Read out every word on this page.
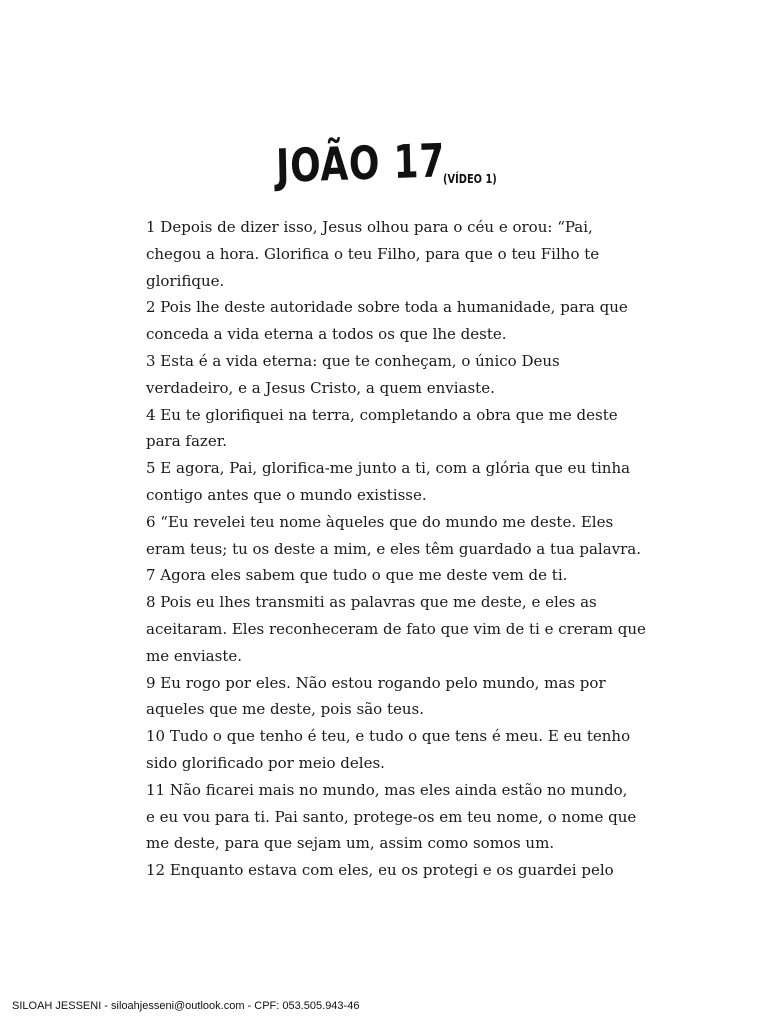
JOÃO 17
(VÍDEO 1)
1 Depois de dizer isso, Jesus olhou para o céu e orou: “Pai,
chegou a hora. Glorifica o teu Filho, para que o teu Filho te
glorifique.
2 Pois lhe deste autoridade sobre toda a humanidade, para que
conceda a vida eterna a todos os que lhe deste.
3 Esta é a vida eterna: que te conheçam, o único Deus
verdadeiro, e a Jesus Cristo, a quem enviaste.
4 Eu te glorifiquei na terra, completando a obra que me deste
para fazer.
5 E agora, Pai, glorifica-me junto a ti, com a glória que eu tinha
contigo antes que o mundo existisse.
6 “Eu revelei teu nome àqueles que do mundo me deste. Eles
eram teus; tu os deste a mim, e eles têm guardado a tua palavra.
7 Agora eles sabem que tudo o que me deste vem de ti.
8 Pois eu lhes transmiti as palavras que me deste, e eles as
aceitaram. Eles reconheceram de fato que vim de ti e creram que
me enviaste.
9 Eu rogo por eles. Não estou rogando pelo mundo, mas por
aqueles que me deste, pois são teus.
10 Tudo o que tenho é teu, e tudo o que tens é meu. E eu tenho
sido glorificado por meio deles.
11 Não ficarei mais no mundo, mas eles ainda estão no mundo,
e eu vou para ti. Pai santo, protege-os em teu nome, o nome que
me deste, para que sejam um, assim como somos um.
12 Enquanto estava com eles, eu os protegi e os guardei pelo
SILOAH JESSENI - siloahjesseni@outlook.com - CPF: 053.505.943-46
